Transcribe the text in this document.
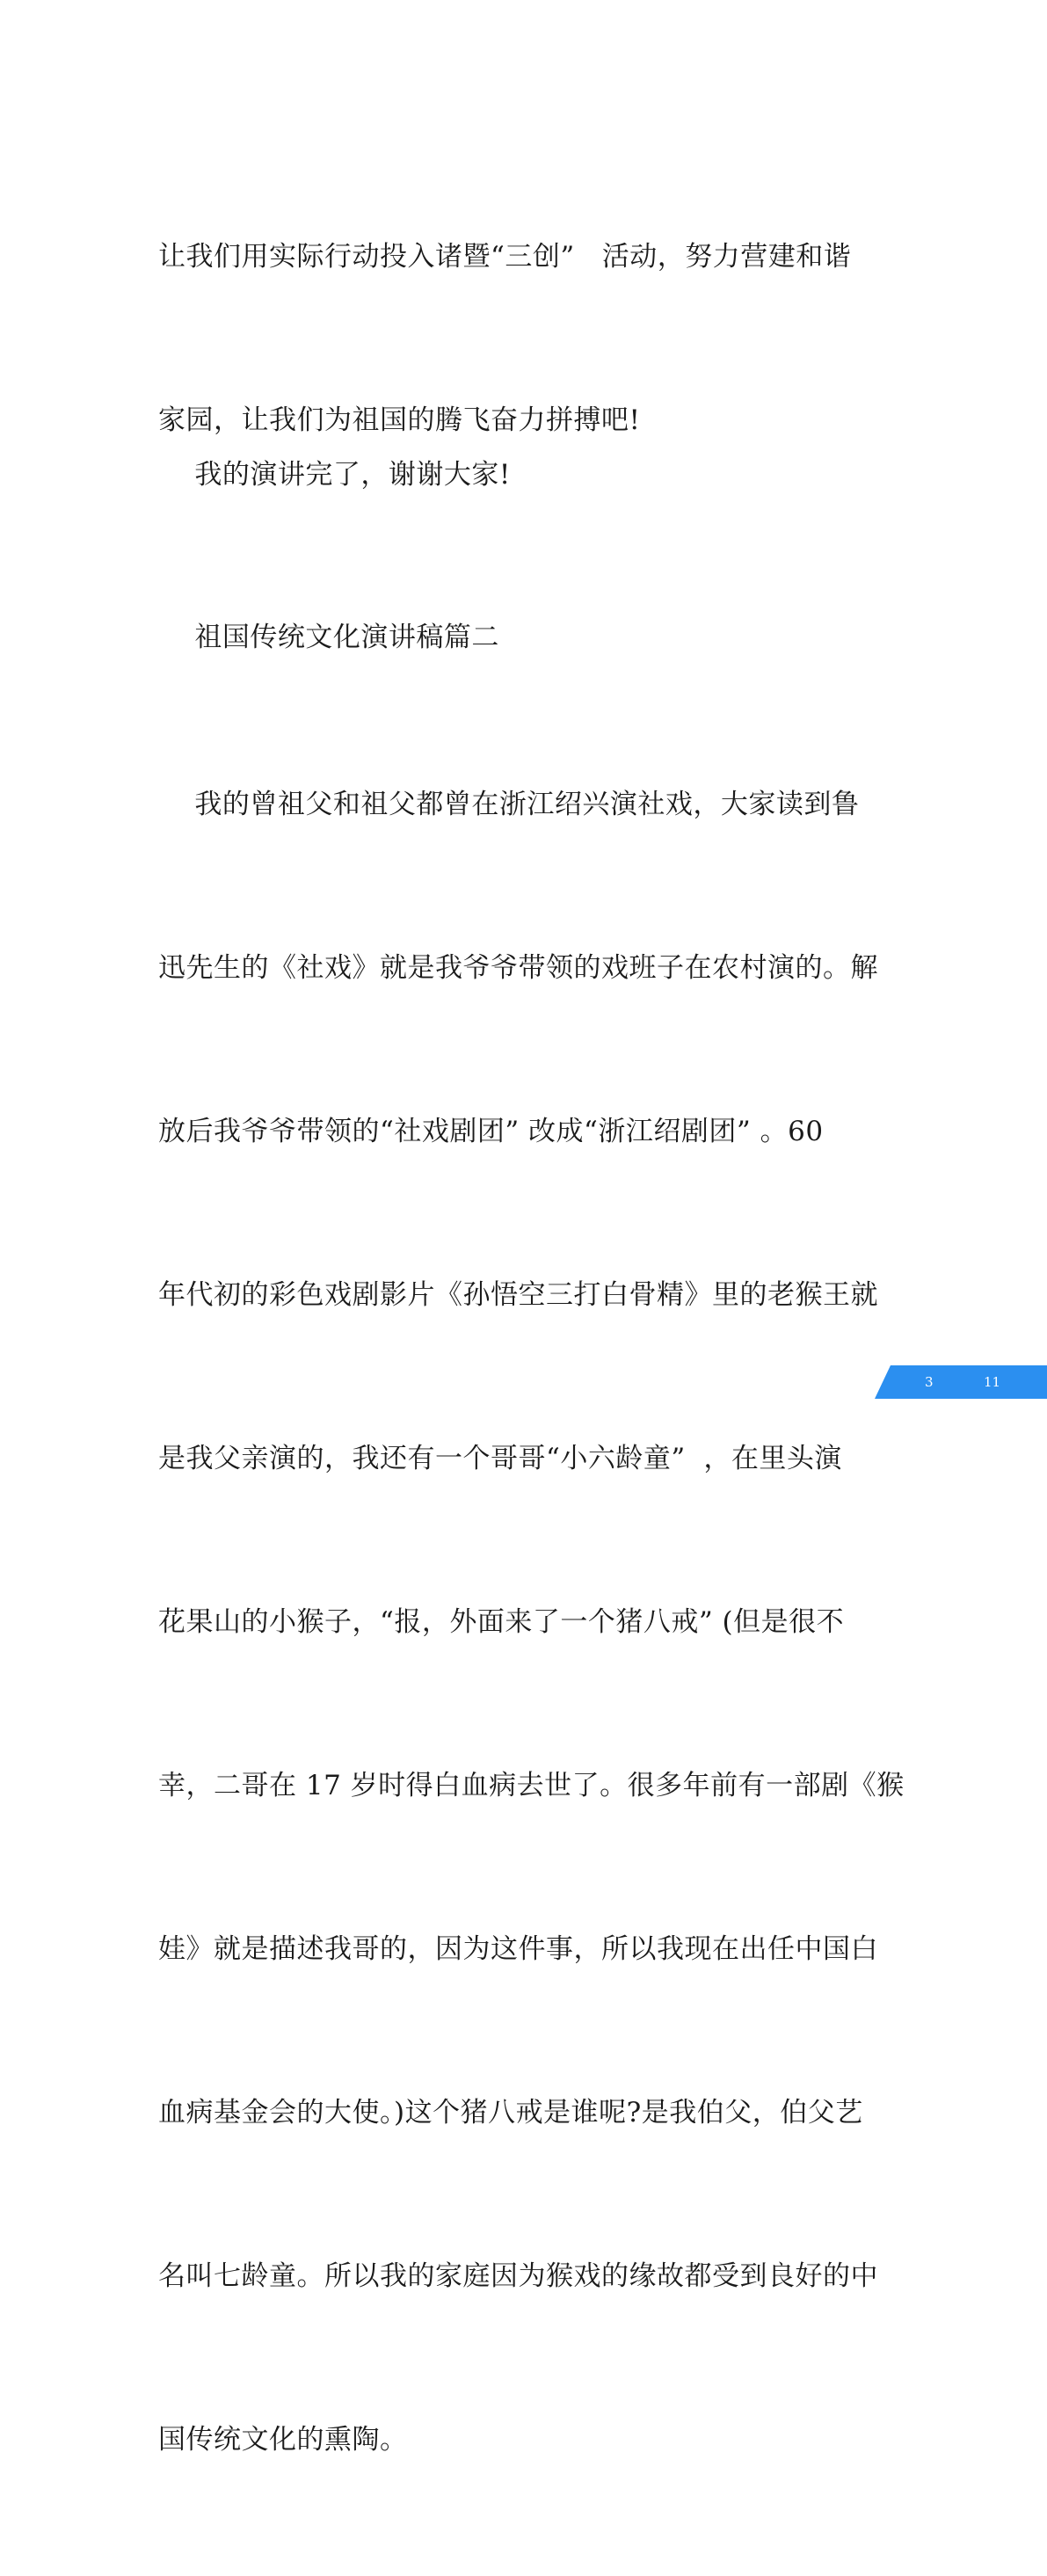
让我们用实际行动投入诸暨“三创”   活动，努力营建和谐

家园，让我们为祖国的腾飞奋力拼搏吧!

我的演讲完了，谢谢大家!

祖国传统文化演讲稿篇二

我的曾祖父和祖父都曾在浙江绍兴演社戏，大家读到鲁

迅先生的《社戏》就是我爷爷带领的戏班子在农村演的。解

放后我爷爷带领的“社戏剧团” 改成“浙江绍剧团” 。60

年代初的彩色戏剧影片《孙悟空三打白骨精》里的老猴王就

是我父亲演的，我还有一个哥哥“小六龄童”  ，在里头演

花果山的小猴子，“报，外面来了一个猪八戒” (但是很不

幸，二哥在 17 岁时得白血病去世了。很多年前有一部剧《猴

娃》就是描述我哥的，因为这件事，所以我现在出任中国白

血病基金会的大使。)这个猪八戒是谁呢?是我伯父，伯父艺

名叫七龄童。所以我的家庭因为猴戏的缘故都受到良好的中

国传统文化的熏陶。

3	11
